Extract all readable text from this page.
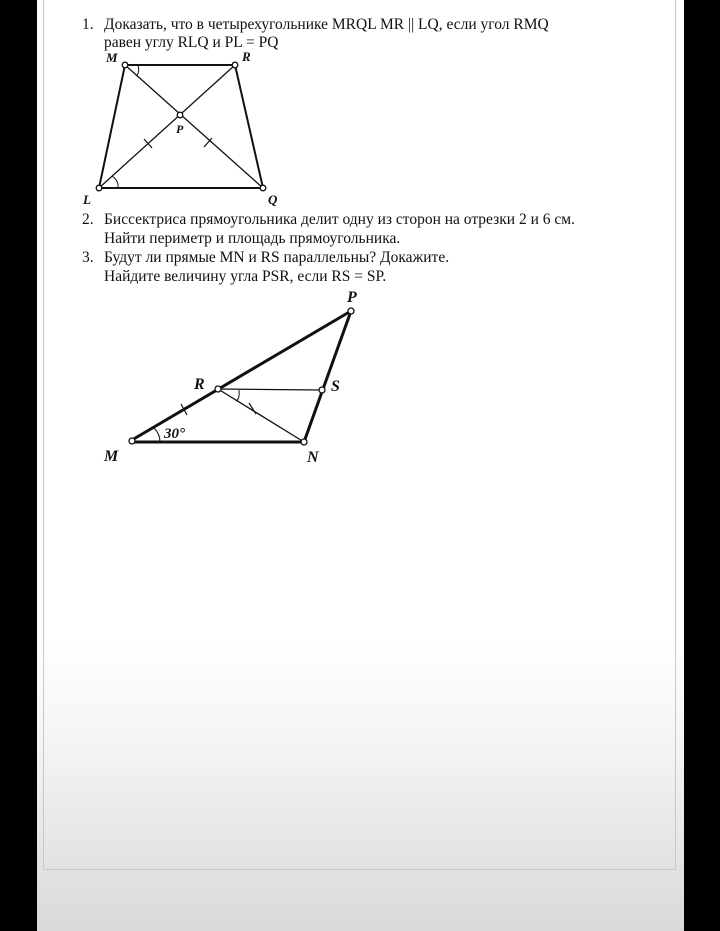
1. Доказать, что в четырехугольнике MRQL MR || LQ, если угол RMQ
равен углу RLQ и PL = PQ
2. Биссектриса прямоугольника делит одну из сторон на отрезки 2 и 6 см.
Найти периметр и площадь прямоугольника.
3. Будут ли прямые MN и RS параллельны? Докажите.
Найдите величину угла PSR, если RS = SP.
M	R
P
L	Q
P
R	S
M	N
30°
